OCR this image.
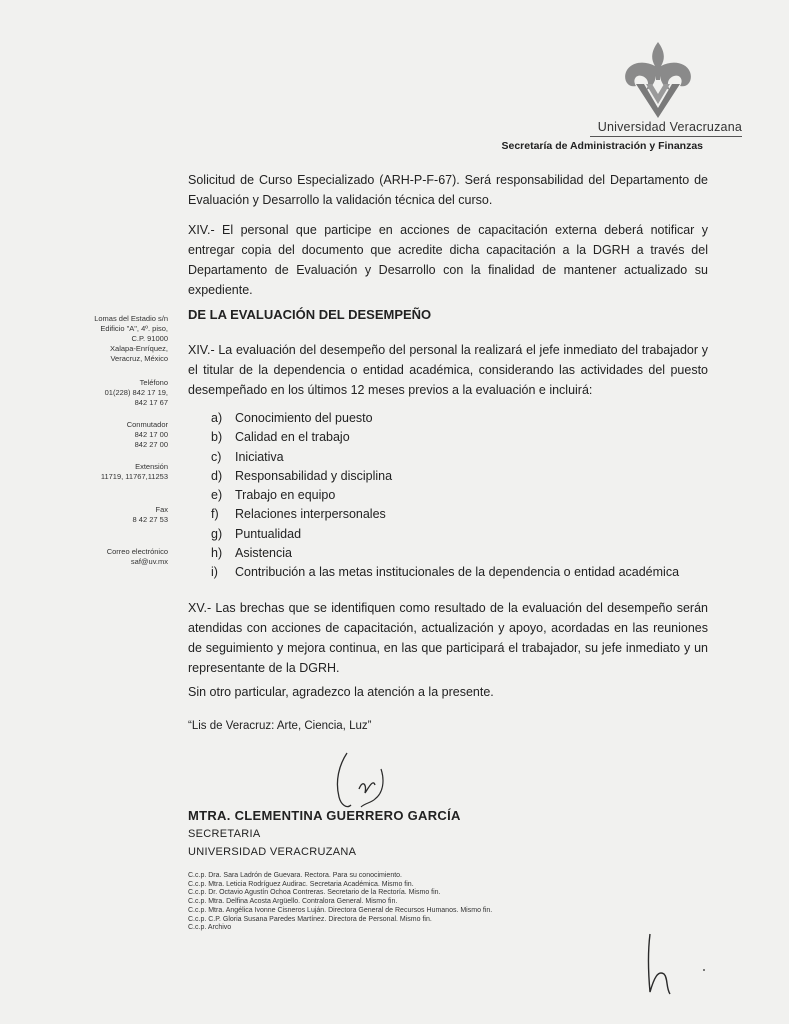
Universidad Veracruzana
Secretaría de Administración y Finanzas
Lomas del Estadio s/n
Edificio "A", 4º. piso,
C.P. 91000
Xalapa-Enríquez,
Veracruz, México
Teléfono
01(228) 842 17 19,
842 17 67
Conmutador
842 17 00
842 27 00
Extensión
11719, 11767,11253
Fax
8 42 27 53
Correo electrónico
saf@uv.mx
Solicitud de Curso Especializado (ARH-P-F-67). Será responsabilidad del Departamento de Evaluación y Desarrollo la validación técnica del curso.
XIV.- El personal que participe en acciones de capacitación externa deberá notificar y entregar copia del documento que acredite dicha capacitación a la DGRH a través del Departamento de Evaluación y Desarrollo con la finalidad de mantener actualizado su expediente.
DE LA EVALUACIÓN DEL DESEMPEÑO
XIV.- La evaluación del desempeño del personal la realizará el jefe inmediato del trabajador y el titular de la dependencia o entidad académica, considerando las actividades del puesto desempeñado en los últimos 12 meses previos a la evaluación e incluirá:
a) Conocimiento del puesto
b) Calidad en el trabajo
c) Iniciativa
d) Responsabilidad y disciplina
e) Trabajo en equipo
f) Relaciones interpersonales
g) Puntualidad
h) Asistencia
i) Contribución a las metas institucionales de la dependencia o entidad académica
XV.- Las brechas que se identifiquen como resultado de la evaluación del desempeño serán atendidas con acciones de capacitación, actualización y apoyo, acordadas en las reuniones de seguimiento y mejora continua, en las que participará el trabajador, su jefe inmediato y un representante de la DGRH.
Sin otro particular, agradezco la atención a la presente.
“Lis de Veracruz: Arte, Ciencia, Luz”
MTRA. CLEMENTINA GUERRERO GARCÍA
SECRETARIA
UNIVERSIDAD VERACRUZANA
C.c.p. Dra. Sara Ladrón de Guevara. Rectora. Para su conocimiento.
C.c.p. Mtra. Leticia Rodríguez Audirac. Secretaria Académica. Mismo fin.
C.c.p. Dr. Octavio Agustín Ochoa Contreras. Secretario de la Rectoría. Mismo fin.
C.c.p. Mtra. Delfina Acosta Argüello. Contralora General. Mismo fin.
C.c.p. Mtra. Angélica Ivonne Cisneros Luján. Directora General de Recursos Humanos. Mismo fin.
C.c.p. C.P. Gloria Susana Paredes Martínez. Directora de Personal. Mismo fin.
C.c.p. Archivo
